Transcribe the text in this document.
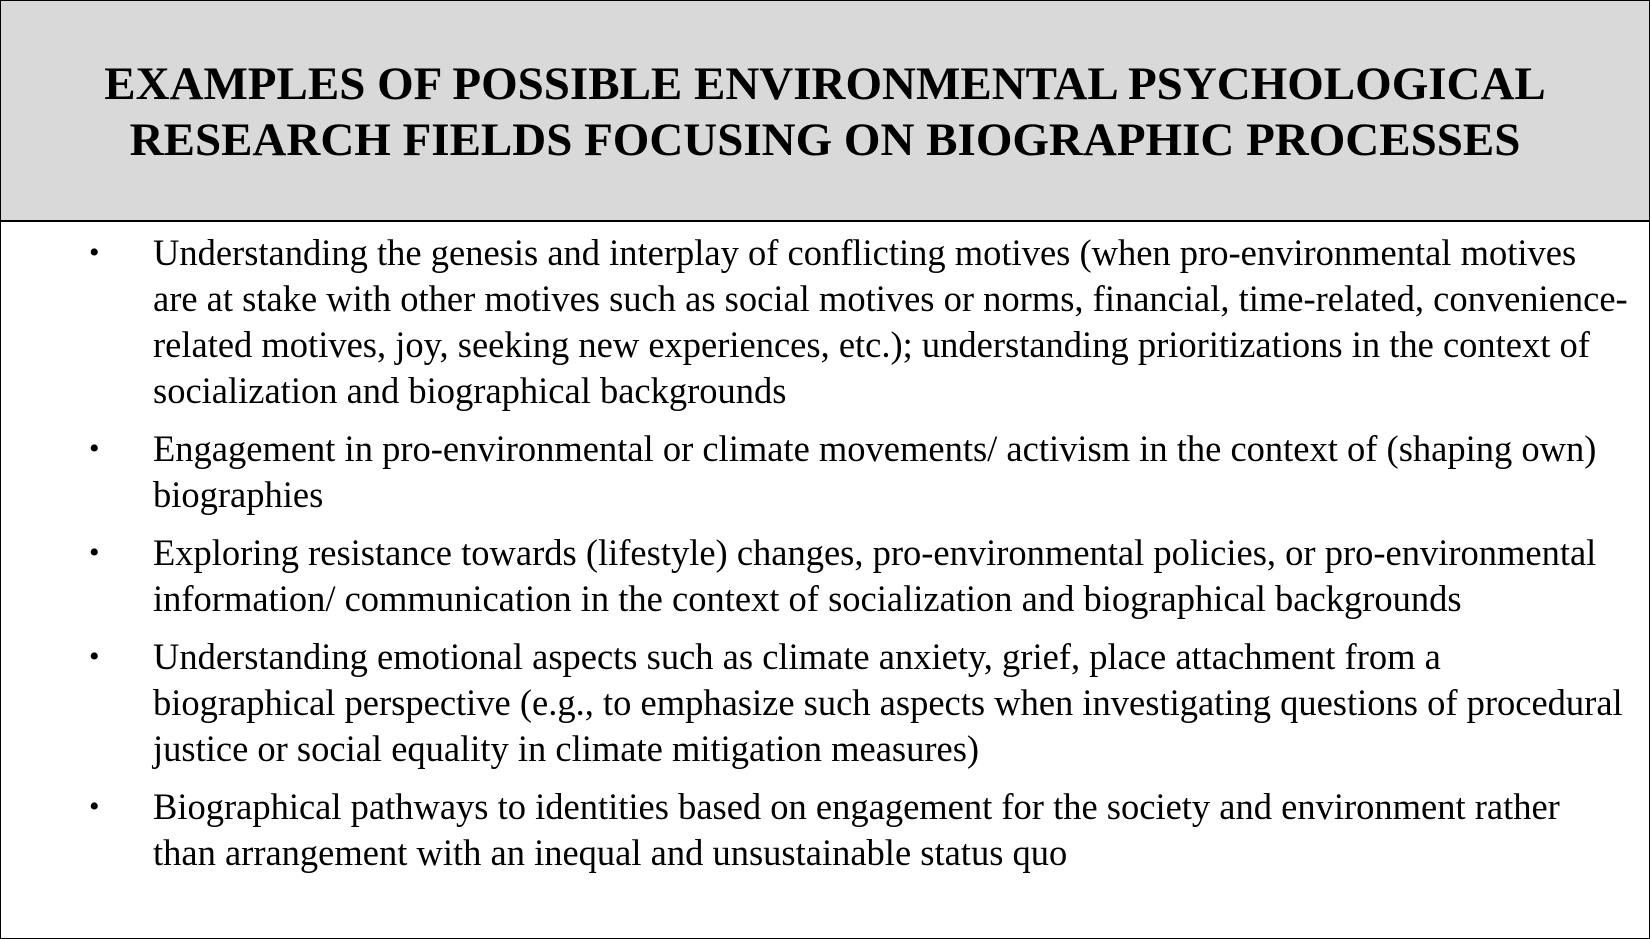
EXAMPLES OF POSSIBLE ENVIRONMENTAL PSYCHOLOGICAL RESEARCH FIELDS FOCUSING ON BIOGRAPHIC PROCESSES
• Understanding the genesis and interplay of conflicting motives (when pro-environmental motives are at stake with other motives such as social motives or norms, financial, time-related, convenience-related motives, joy, seeking new experiences, etc.); understanding prioritizations in the context of socialization and biographical backgrounds
• Engagement in pro-environmental or climate movements/ activism in the context of (shaping own) biographies
• Exploring resistance towards (lifestyle) changes, pro-environmental policies, or pro-environmental information/ communication in the context of socialization and biographical backgrounds
• Understanding emotional aspects such as climate anxiety, grief, place attachment from a biographical perspective (e.g., to emphasize such aspects when investigating questions of procedural justice or social equality in climate mitigation measures)
• Biographical pathways to identities based on engagement for the society and environment rather than arrangement with an inequal and unsustainable status quo
